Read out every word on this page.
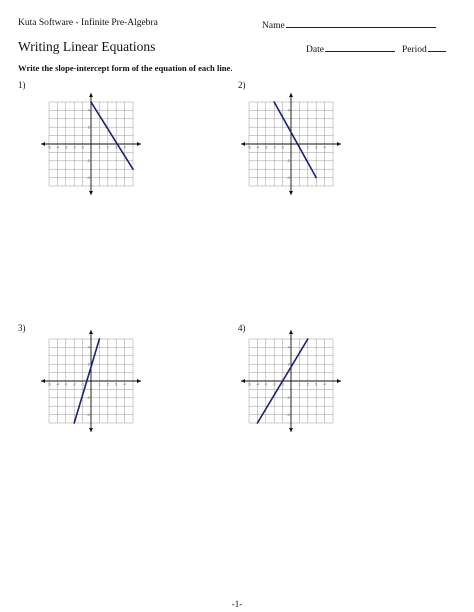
Kuta Software - Infinite Pre-Algebra	Name
Writing Linear Equations	Date	Period
Write the slope-intercept form of the equation of each line.
1)	2)
3)	4)
-5 -4 -3 -2 -1	1 2 3 4
4
2
-2
-4
-5 -4 -3 -2 -1	2 3 4
4
-2
-4
-5 -4 -3 -2 -1	1 2 3 4
4
2
-2
-4
-5 -4 -3 -2 -1	1 2 3 4
4
2
-2
-4
-1-
